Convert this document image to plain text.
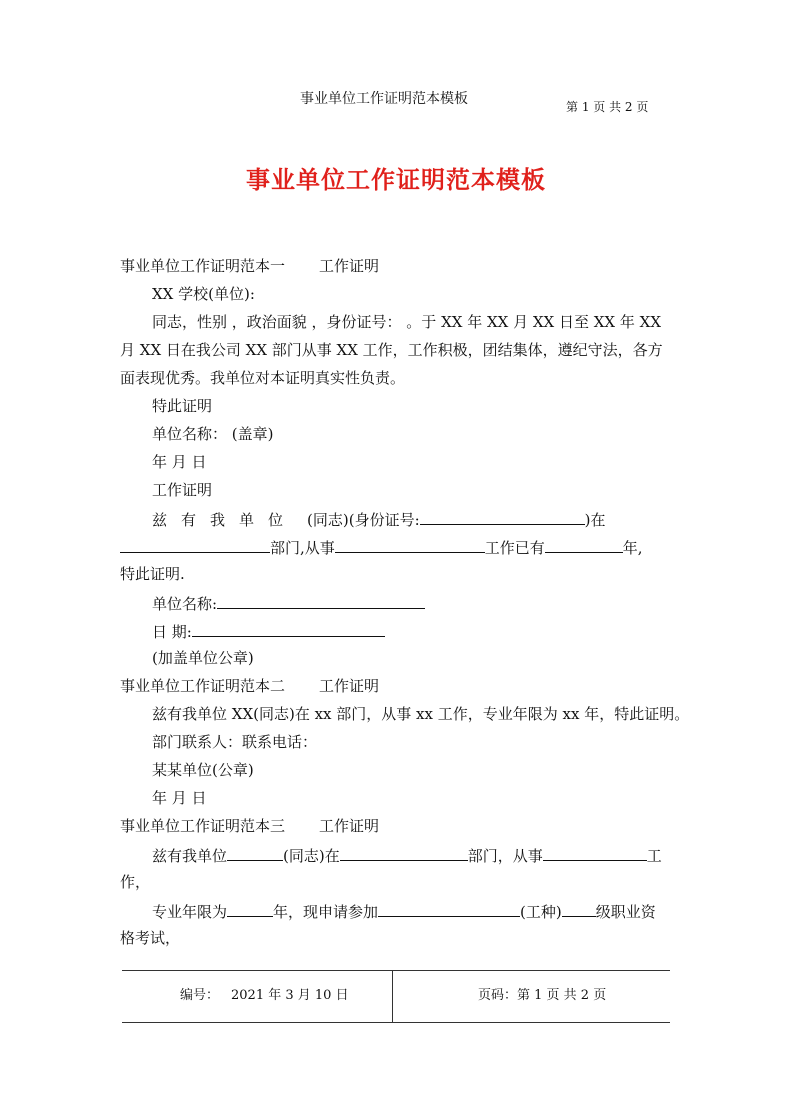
事业单位工作证明范本模板	第 1 页 共 2 页
事业单位工作证明范本模板
事业单位工作证明范本一 工作证明
XX 学校(单位):
同志，性别 ，政治面貌 ，身份证号： 。于 XX 年 XX 月 XX 日至 XX 年 XX
月 XX 日在我公司 XX 部门从事 XX 工作，工作积极，团结集体，遵纪守法，各方
面表现优秀。我单位对本证明真实性负责。
特此证明
单位名称： (盖章)
年 月 日
工作证明
兹有我单位 (同志)(身份证号:	)在
部门,从事	工作已有	年,
特此证明.
单位名称:
日 期:
(加盖单位公章)
事业单位工作证明范本二 工作证明
兹有我单位 XX(同志)在 xx 部门，从事 xx 工作，专业年限为 xx 年，特此证明。
部门联系人：联系电话：
某某单位(公章)
年 月 日
事业单位工作证明范本三 工作证明
兹有我单位	(同志)在	部门，从事	工
作，
专业年限为	年，现申请参加	(工种) 级职业资
格考试，
编号： 2021 年 3 月 10 日	页码：第 1 页 共 2 页
